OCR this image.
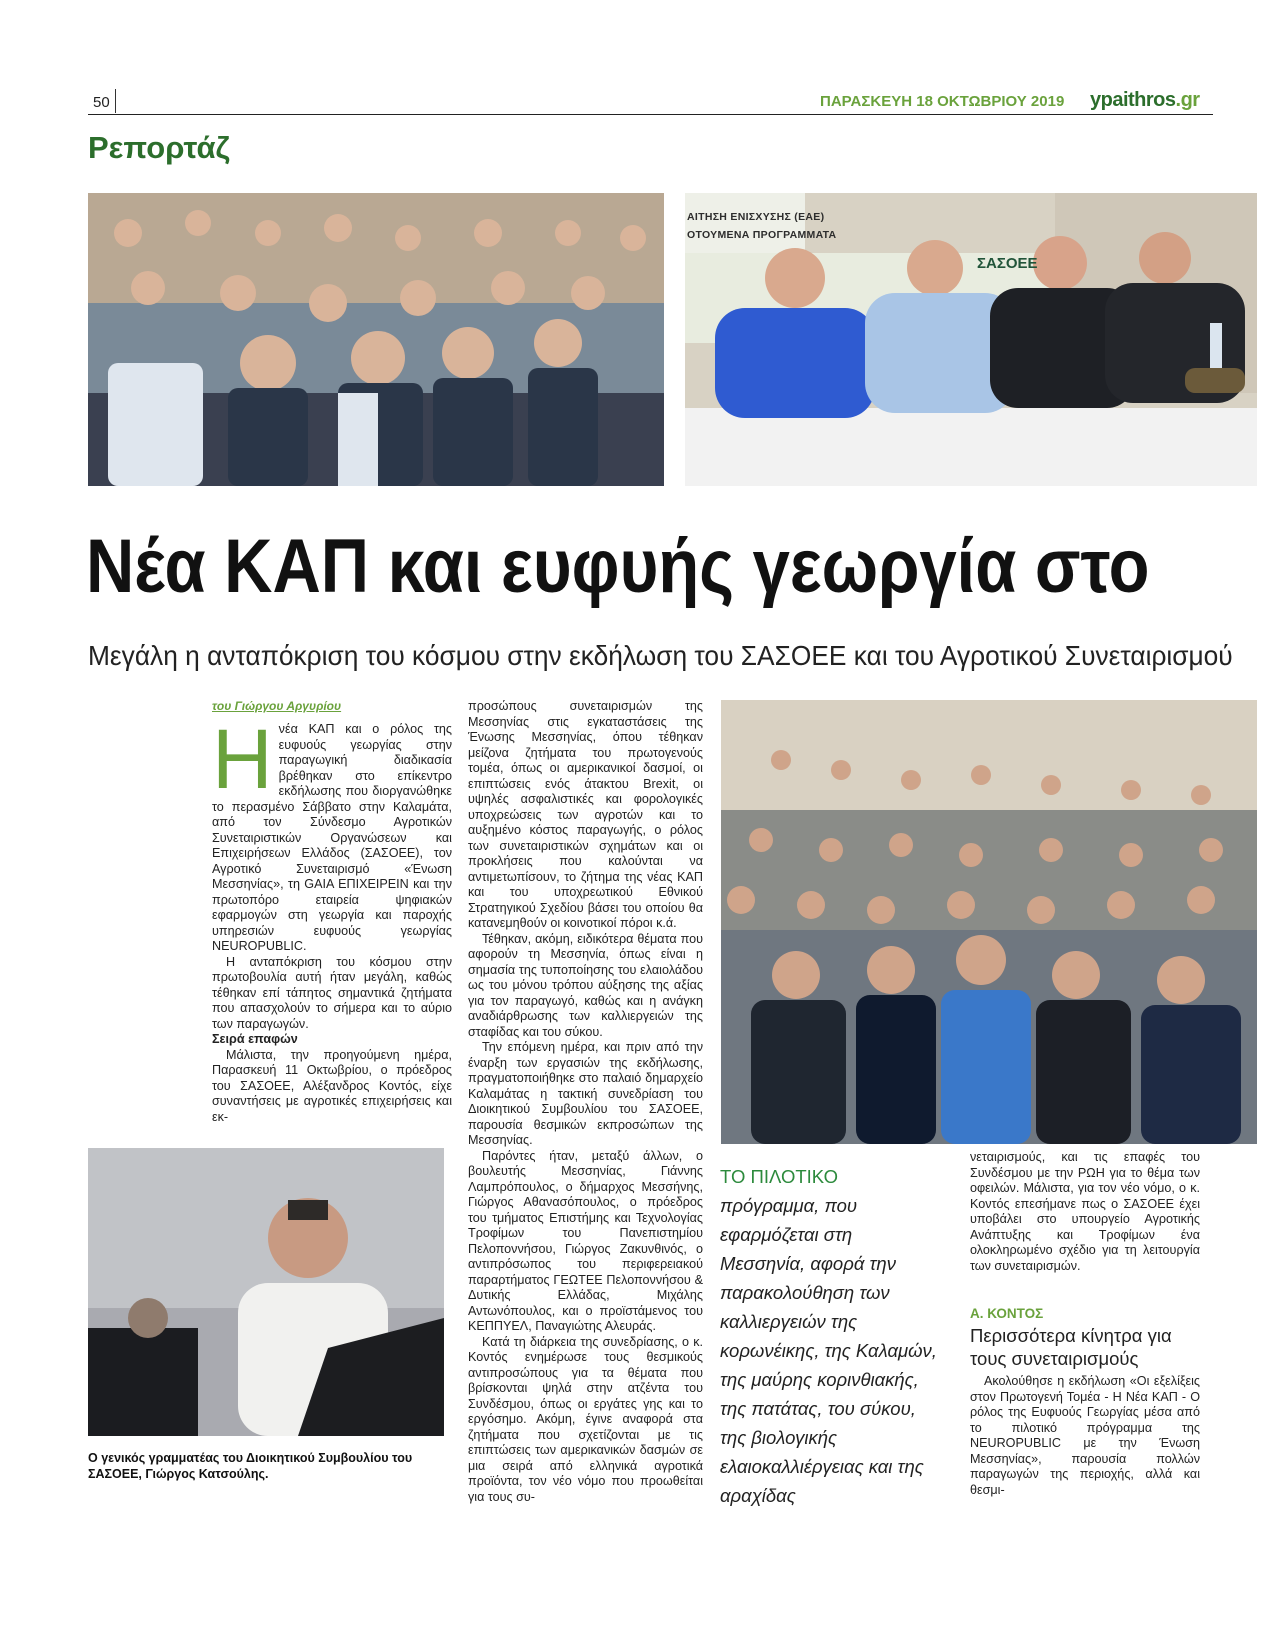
50	ΠΑΡΑΣΚΕΥΗ 18 ΟΚΤΩΒΡΙΟΥ 2019 ypaithros.gr
Ρεπορτάζ
ΑΙΤΗΣΗ ΕΝΙΣΧΥΣΗΣ (ΕΑΕ)
ΟΤΟΥΜΕΝΑ ΠΡΟΓΡΑΜΜΑΤΑ
ΣΑΣΟΕΕ
Νέα ΚΑΠ και ευφυής γεωργία στο
Μεγάλη η ανταπόκριση του κόσμου στην εκδήλωση του ΣΑΣΟΕΕ και του Αγροτικού Συνεταιρισμού
του Γιώργου Αργυρίου

Ηνέα ΚΑΠ και ο ρόλος της ευφυούς γεωργίας στην παραγωγική διαδικασία βρέθηκαν στο επίκεντρο εκδήλωσης που διοργανώθηκε το περασμένο Σάββατο στην Καλαμάτα, από τον Σύνδεσμο Αγροτικών Συνεταιριστικών Οργανώσεων και Επιχειρήσεων Ελλάδος (ΣΑΣΟΕΕ), τον Αγροτικό Συνεταιρισμό «Ένωση Μεσσηνίας», τη GAIA ΕΠΙΧΕΙΡΕΙΝ και την πρωτοπόρο εταιρεία ψηφιακών εφαρμογών στη γεωργία και παροχής υπηρεσιών ευφυούς γεωργίας NEUROPUBLIC.

Η ανταπόκριση του κόσμου στην πρωτοβουλία αυτή ήταν μεγάλη, καθώς τέθηκαν επί τάπητος σημαντικά ζητήματα που απασχολούν το σήμερα και το αύριο των παραγωγών.

Σειρά επαφών

Μάλιστα, την προηγούμενη ημέρα, Παρασκευή 11 Οκτωβρίου, ο πρόεδρος του ΣΑΣΟΕΕ, Αλέξανδρος Κοντός, είχε συναντήσεις με αγροτικές επιχειρήσεις και εκ-

προσώπους συνεταιρισμών της Μεσσηνίας στις εγκαταστάσεις της Ένωσης Μεσσηνίας, όπου τέθηκαν μείζονα ζητήματα του πρωτογενούς τομέα, όπως οι αμερικανικοί δασμοί, οι επιπτώσεις ενός άτακτου Brexit, οι υψηλές ασφαλιστικές και φορολογικές υποχρεώσεις των αγροτών και το αυξημένο κόστος παραγωγής, ο ρόλος των συνεταιριστικών σχημάτων και οι προκλήσεις που καλούνται να αντιμετωπίσουν, το ζήτημα της νέας ΚΑΠ και του υποχρεωτικού Εθνικού Στρατηγικού Σχεδίου βάσει του οποίου θα κατανεμηθούν οι κοινοτικοί πόροι κ.ά.

Τέθηκαν, ακόμη, ειδικότερα θέματα που αφορούν τη Μεσσηνία, όπως είναι η σημασία της τυποποίησης του ελαιολάδου ως του μόνου τρόπου αύξησης της αξίας για τον παραγωγό, καθώς και η ανάγκη αναδιάρθρωσης των καλλιεργειών της σταφίδας και του σύκου.

Την επόμενη ημέρα, και πριν από την έναρξη των εργασιών της εκδήλωσης, πραγματοποιήθηκε στο παλαιό δημαρχείο Καλαμάτας η τακτική συνεδρίαση του Διοικητικού Συμβουλίου του ΣΑΣΟΕΕ, παρουσία θεσμικών εκπροσώπων της Μεσσηνίας.

Παρόντες ήταν, μεταξύ άλλων, ο βουλευτής Μεσσηνίας, Γιάννης Λαμπρόπουλος, ο δήμαρχος Μεσσήνης, Γιώργος Αθανασόπουλος, ο πρόεδρος του τμήματος Επιστήμης και Τεχνολογίας Τροφίμων του Πανεπιστημίου Πελοποννήσου, Γιώργος Ζακυνθινός, ο αντιπρόσωπος του περιφερειακού παραρτήματος ΓΕΩΤΕΕ Πελοποννήσου & Δυτικής Ελλάδας, Μιχάλης Αντωνόπουλος, και ο προϊστάμενος του ΚΕΠΠΥΕΛ, Παναγιώτης Αλευράς.

Κατά τη διάρκεια της συνεδρίασης, ο κ. Κοντός ενημέρωσε τους θεσμικούς αντιπροσώπους για τα θέματα που βρίσκονται ψηλά στην ατζέντα του Συνδέσμου, όπως οι εργάτες γης και το εργόσημο. Ακόμη, έγινε αναφορά στα ζητήματα που σχετίζονται με τις επιπτώσεις των αμερικανικών δασμών σε μια σειρά από ελληνικά αγροτικά προϊόντα, τον νέο νόμο που προωθείται για τους συ-

ΤΟ ΠΙΛΟΤΙΚΟ πρόγραμμα, που εφαρμόζεται στη Μεσσηνία, αφορά την παρακολούθηση των καλλιεργειών της κορωνέικης, της Καλαμών, της μαύρης κορινθιακής, της πατάτας, του σύκου, της βιολογικής ελαιοκαλλιέργειας και της αραχίδας

νεταιρισμούς, και τις επαφές του Συνδέσμου με την ΡΩΗ για το θέμα των οφειλών. Μάλιστα, για τον νέο νόμο, ο κ. Κοντός επεσήμανε πως ο ΣΑΣΟΕΕ έχει υποβάλει στο υπουργείο Αγροτικής Ανάπτυξης και Τροφίμων ένα ολοκληρωμένο σχέδιο για τη λειτουργία των συνεταιρισμών.

Α. ΚΟΝΤΟΣ
Περισσότερα κίνητρα για τους συνεταιρισμούς

Ακολούθησε η εκδήλωση «Οι εξελίξεις στον Πρωτογενή Τομέα - Η Νέα ΚΑΠ - Ο ρόλος της Ευφυούς Γεωργίας μέσα από το πιλοτικό πρόγραμμα της NEUROPUBLIC με την Ένωση Μεσσηνίας», παρουσία πολλών παραγωγών της περιοχής, αλλά και θεσμι-

Ο γενικός γραμματέας του Διοικητικού Συμβουλίου του ΣΑΣΟΕΕ, Γιώργος Κατσούλης.
